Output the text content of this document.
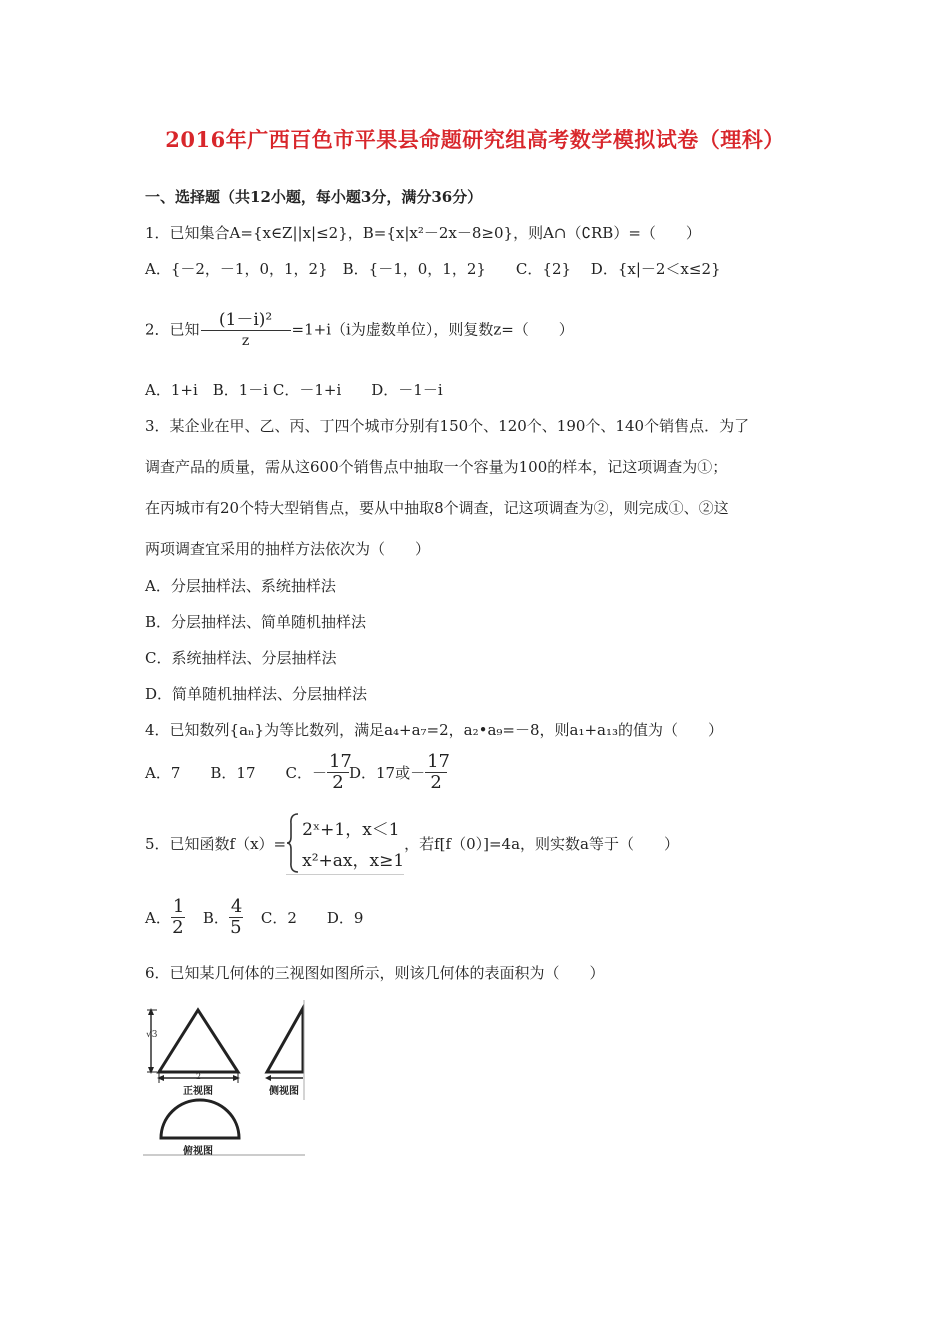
2016年广西百色市平果县命题研究组高考数学模拟试卷（理科）
一、选择题（共12小题，每小题3分，满分36分）
1．已知集合A={x∈Z||x|≤2}，B={x|x²－2x－8≥0}，则A∩（∁RB）=（　　）
A．{－2，－1，0，1，2}　B．{－1，0，1，2}　　C．{2}　 D．{x|－2＜x≤2}
2．已知 $\frac{\text{(1－i)²}}{z} =1+i(i$为虚数单位），则复数z=（　　）
A．1+i　B．1－i C．－1+i　　D．－1－i
3．某企业在甲、乙、丙、丁四个城市分别有150个、120个、190个、140个销售点．为了
调查产品的质量，需从这600个销售点中抽取一个容量为100的样本，记这项调查为①；
在丙城市有20个特大型销售点，要从中抽取8个调查，记这项调查为②，则完成①、②这
两项调查宜采用的抽样方法依次为（　　）
A．分层抽样法、系统抽样法
B．分层抽样法、简单随机抽样法
C．系统抽样法、分层抽样法
D．简单随机抽样法、分层抽样法
4．已知数列{aₙ}为等比数列，满足a₄+a₇=2，a₂•a₉=－8，则a₁+a₁₃的值为（　　）
A．7　　B．17　　C．－ $\frac{17}{2}$ D．17或－ $\frac{17}{2}$
5．已知函数f（x）=
2ˣ+1，x＜1
x²+ax，x≥1
，若f[f（0）]=4a，则实数a等于（　　）
A． $\frac{1}{2}$ B． $\frac{4}{5}$ C．2　　D．9
6．已知某几何体的三视图如图所示，则该几何体的表面积为（　　）
√3
2
正视图	侧视图
俯视图
